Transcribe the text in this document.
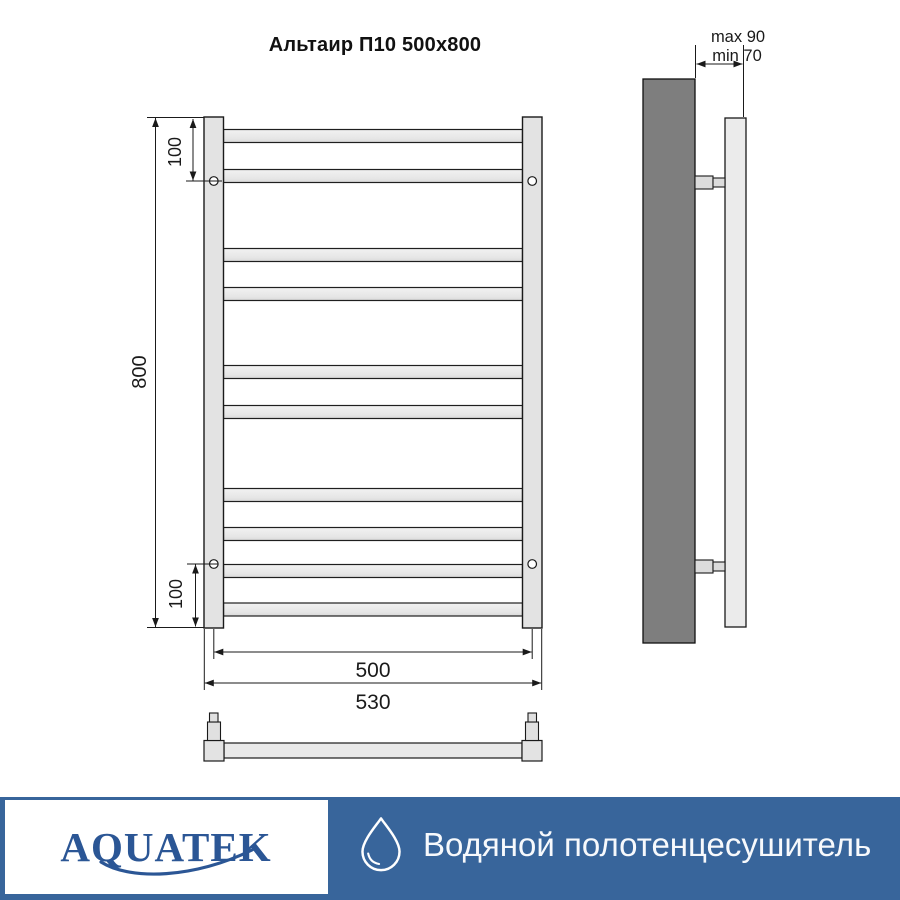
Альтаир П10 500x800
800
100
100
500
530
max 90
min 70
AQUATEK	Водяной полотенцесушитель
